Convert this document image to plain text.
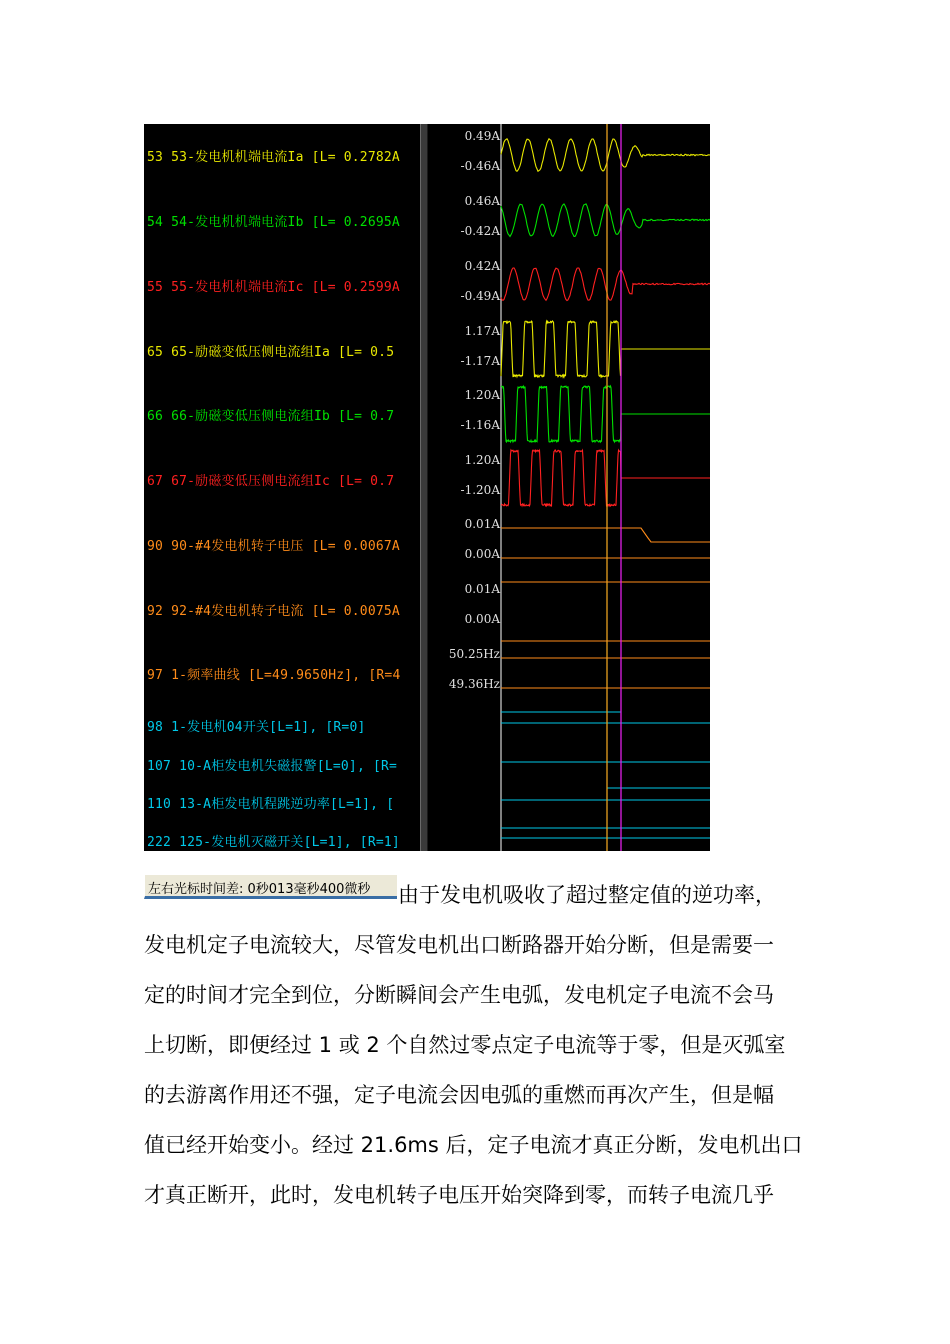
53 53-发电机机端电流Ia [L= 0.2782A
54 54-发电机机端电流Ib [L= 0.2695A
55 55-发电机机端电流Ic [L= 0.2599A
65 65-励磁变低压侧电流组Ia [L= 0.5
66 66-励磁变低压侧电流组Ib [L= 0.7
67 67-励磁变低压侧电流组Ic [L= 0.7
90 90-#4发电机转子电压 [L= 0.0067A
92 92-#4发电机转子电流 [L= 0.0075A
97 1-频率曲线 [L=49.9650Hz], [R=4
98 1-发电机04开关[L=1], [R=0]
107 10-A柜发电机失磁报警[L=0], [R=
110 13-A柜发电机程跳逆功率[L=1], [
222 125-发电机灭磁开关[L=1], [R=1]
0.49A
-0.46A
0.46A
-0.42A
0.42A
-0.49A
1.17A
-1.17A
1.20A
-1.16A
1.20A
-1.20A
0.01A
0.00A
0.01A
0.00A
50.25Hz
49.36Hz
左右光标时间差: 0秒013毫秒400微秒	由于发电机吸收了超过整定值的逆功率，
发电机定子电流较大，尽管发电机出口断路器开始分断，但是需要一
定的时间才完全到位，分断瞬间会产生电弧，发电机定子电流不会马
上切断，即便经过 1 或 2 个自然过零点定子电流等于零，但是灭弧室
的去游离作用还不强，定子电流会因电弧的重燃而再次产生，但是幅
值已经开始变小。经过 21.6ms 后，定子电流才真正分断，发电机出口
才真正断开，此时，发电机转子电压开始突降到零，而转子电流几乎
